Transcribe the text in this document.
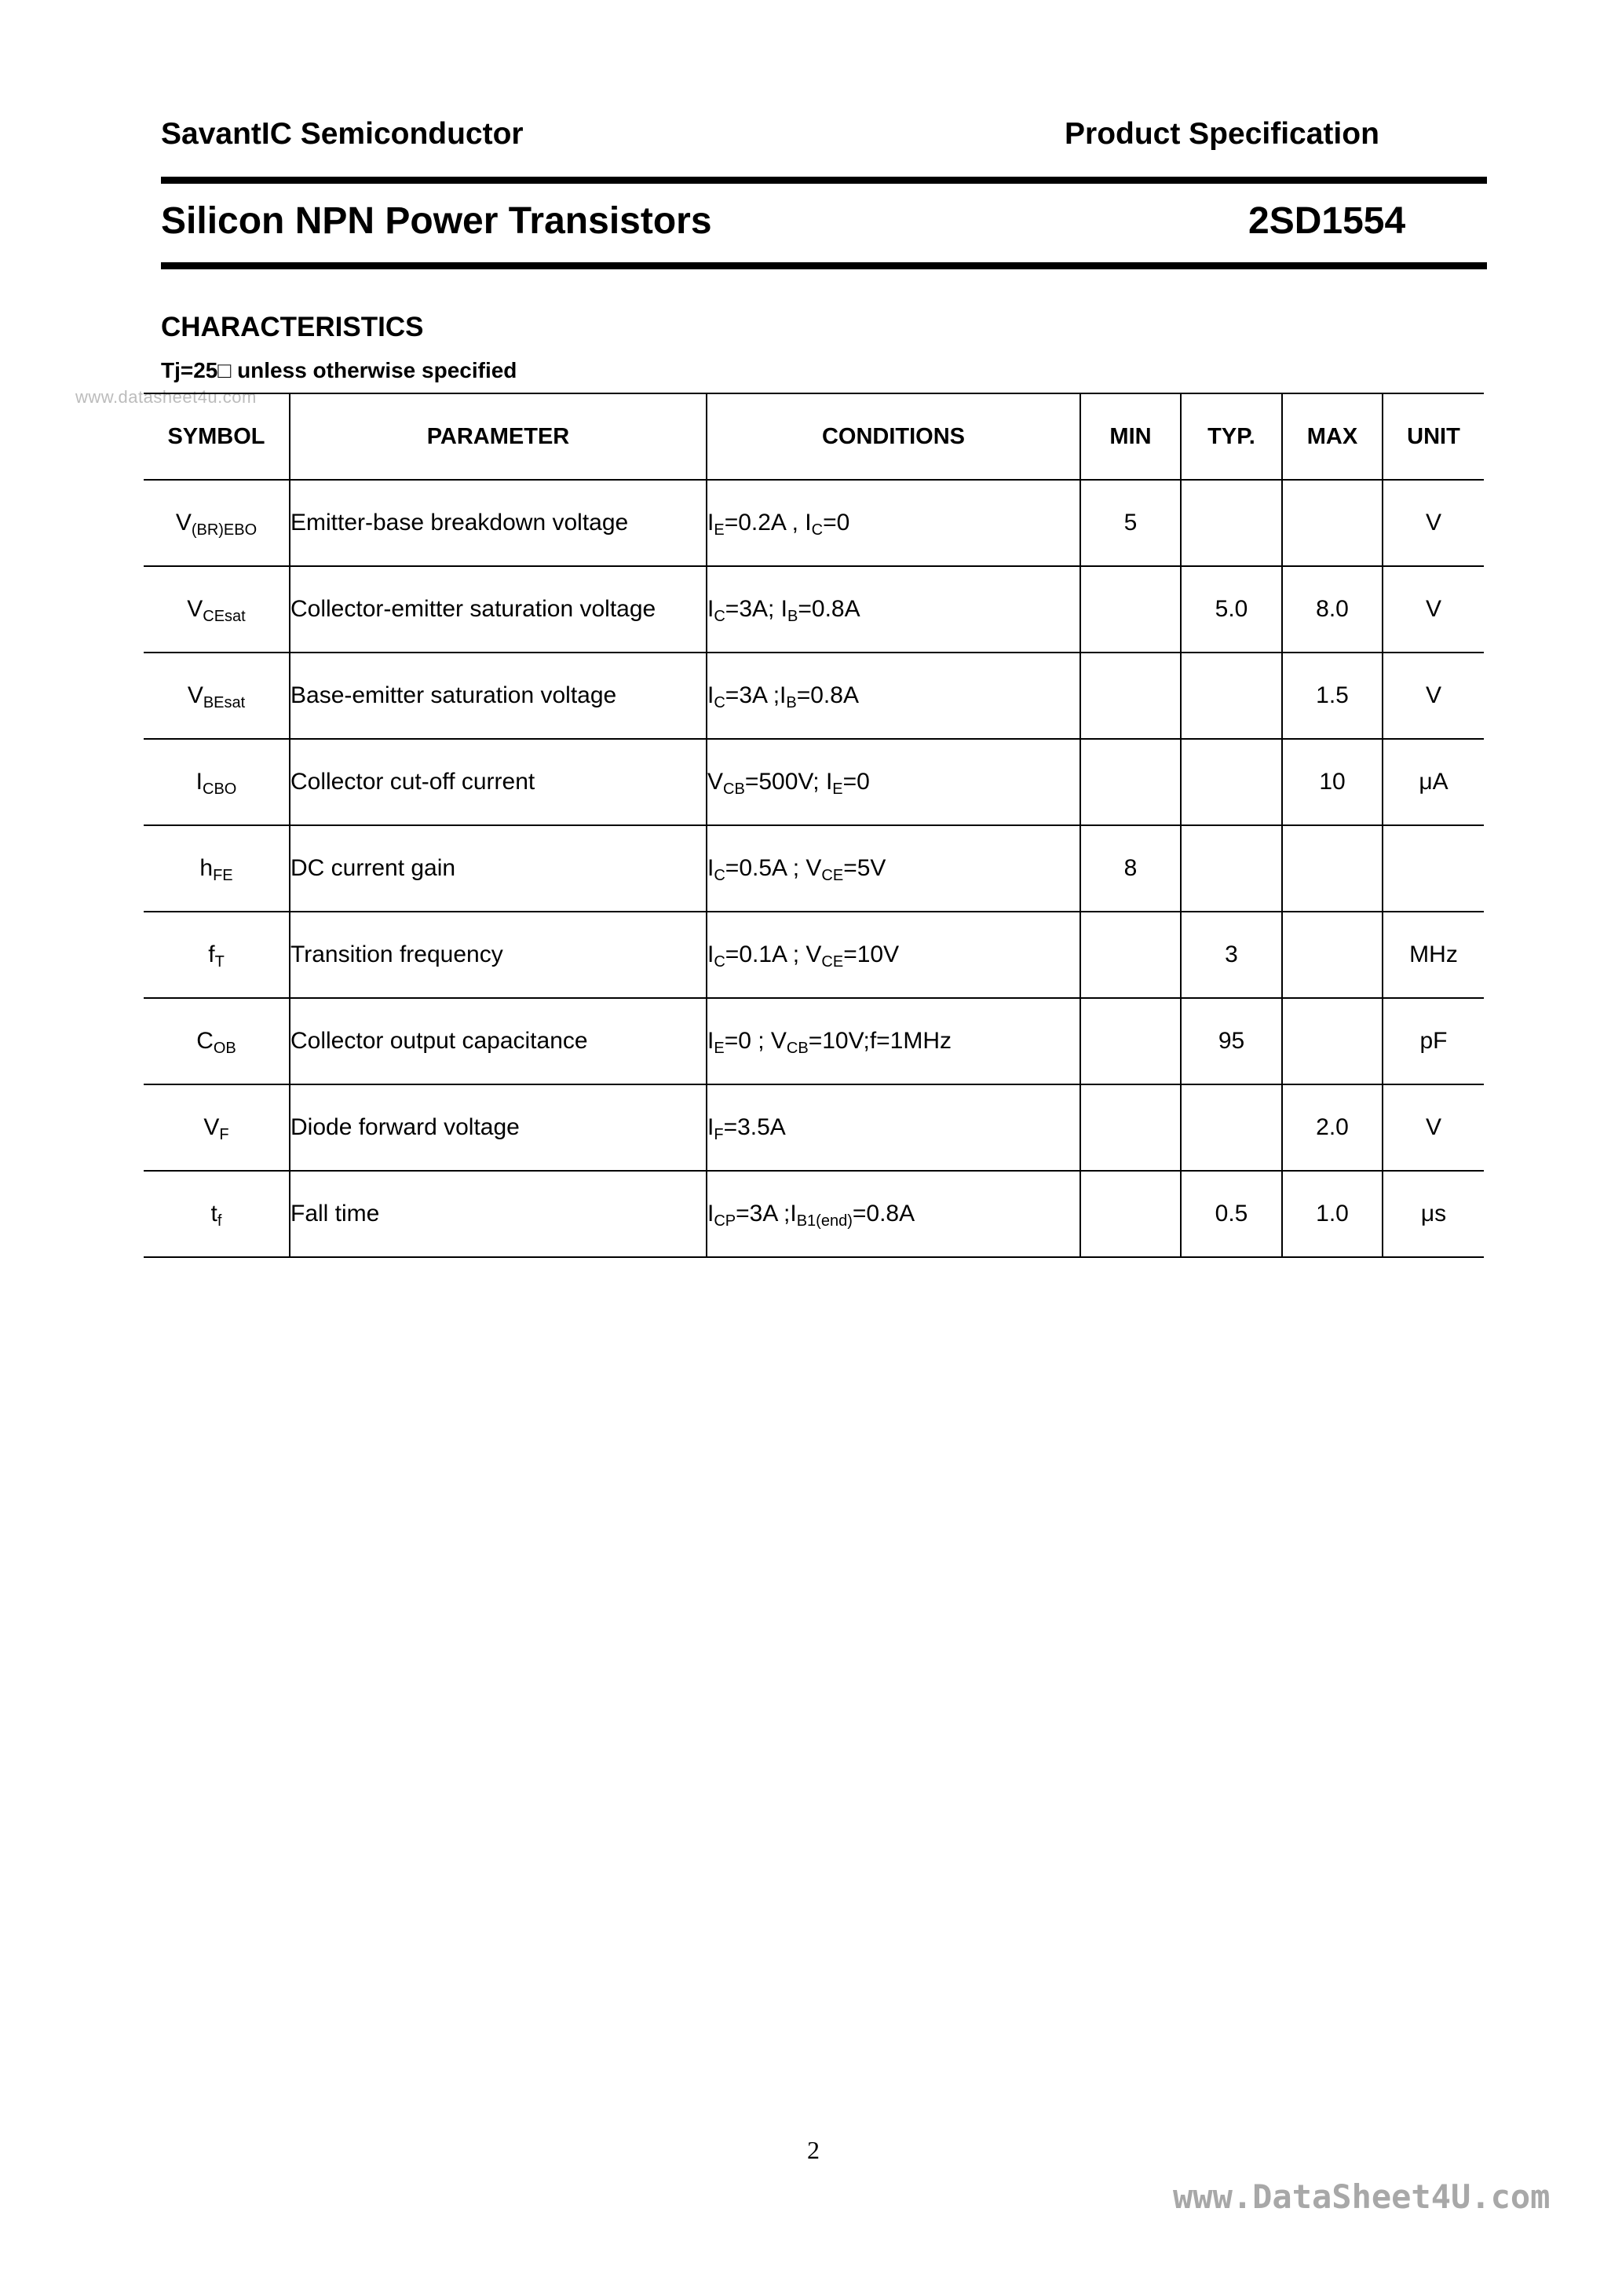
SavantIC Semiconductor	Product Specification
Silicon NPN Power Transistors	2SD1554
CHARACTERISTICS
Tj=25□ unless otherwise specified
www.datasheet4u.com
SYMBOL	PARAMETER	CONDITIONS	MIN	TYP.	MAX	UNIT
$V_{(BR)EBO}$	Emitter-base breakdown voltage	$I_E=0.2A$ , $I_C=0$	5			V
$V_{CEsat}$	Collector-emitter saturation voltage	$I_C=3A$; $I_B=0.8A$		5.0	8.0	V
$V_{BEsat}$	Base-emitter saturation voltage	$I_C=3A$ $;I_B=0.8A$			1.5	V
$I_{CBO}$	Collector cut-off current	$V_{CB}=500V$; $I_E=0$			10	μA
$h_{FE}$	DC current gain	$I_C=0.5A$ ; $V_{CE}=5V$	8			
$f_T$	Transition frequency	$I_C=0.1A$ ; $V_{CE}=10V$		3		MHz
$C_{OB}$	Collector output capacitance	$I_E=0$ ; $V_{CB}=10V;f=1MHz$		95		pF
$V_F$	Diode forward voltage	$I_F=3.5A$			2.0	V
$t_f$	Fall time	$I_{CP}=3A$ $;I_{B1(end)}=0.8A$		0.5	1.0	μs
2
www.DataSheet4U.com
